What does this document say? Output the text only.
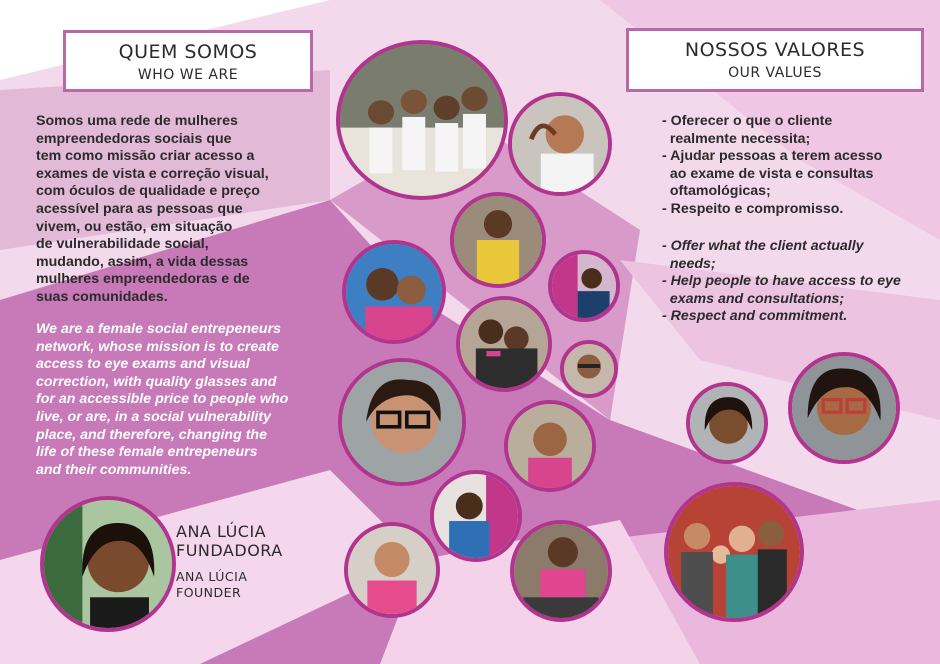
QUEM SOMOS
WHO WE ARE
Somos uma rede de mulheres
empreendedoras sociais que
tem como missão criar acesso a
exames de vista e correção visual,
com óculos de qualidade e preço
acessível para as pessoas que
vivem, ou estão, em situação
de vulnerabilidade social,
mudando, assim, a vida dessas
mulheres empreendedoras e de
suas comunidades.
We are a female social entrepeneurs
network, whose mission is to create
access to eye exams and visual
correction, with quality glasses and
for an accessible price to people who
live, or are, in a social vulnerability
place, and therefore, changing the
life of these female entrepeneurs
and their communities.
NOSSOS VALORES
OUR VALUES
- Oferecer o que o cliente
realmente necessita;
- Ajudar pessoas a terem acesso
ao exame de vista e consultas
oftamológicas;
- Respeito e compromisso.
- Offer what the client actually
needs;
- Help people to have access to eye
exams and consultations;
- Respect and commitment.
ANA LÚCIA
FUNDADORA
ANA LÚCIA
FOUNDER
